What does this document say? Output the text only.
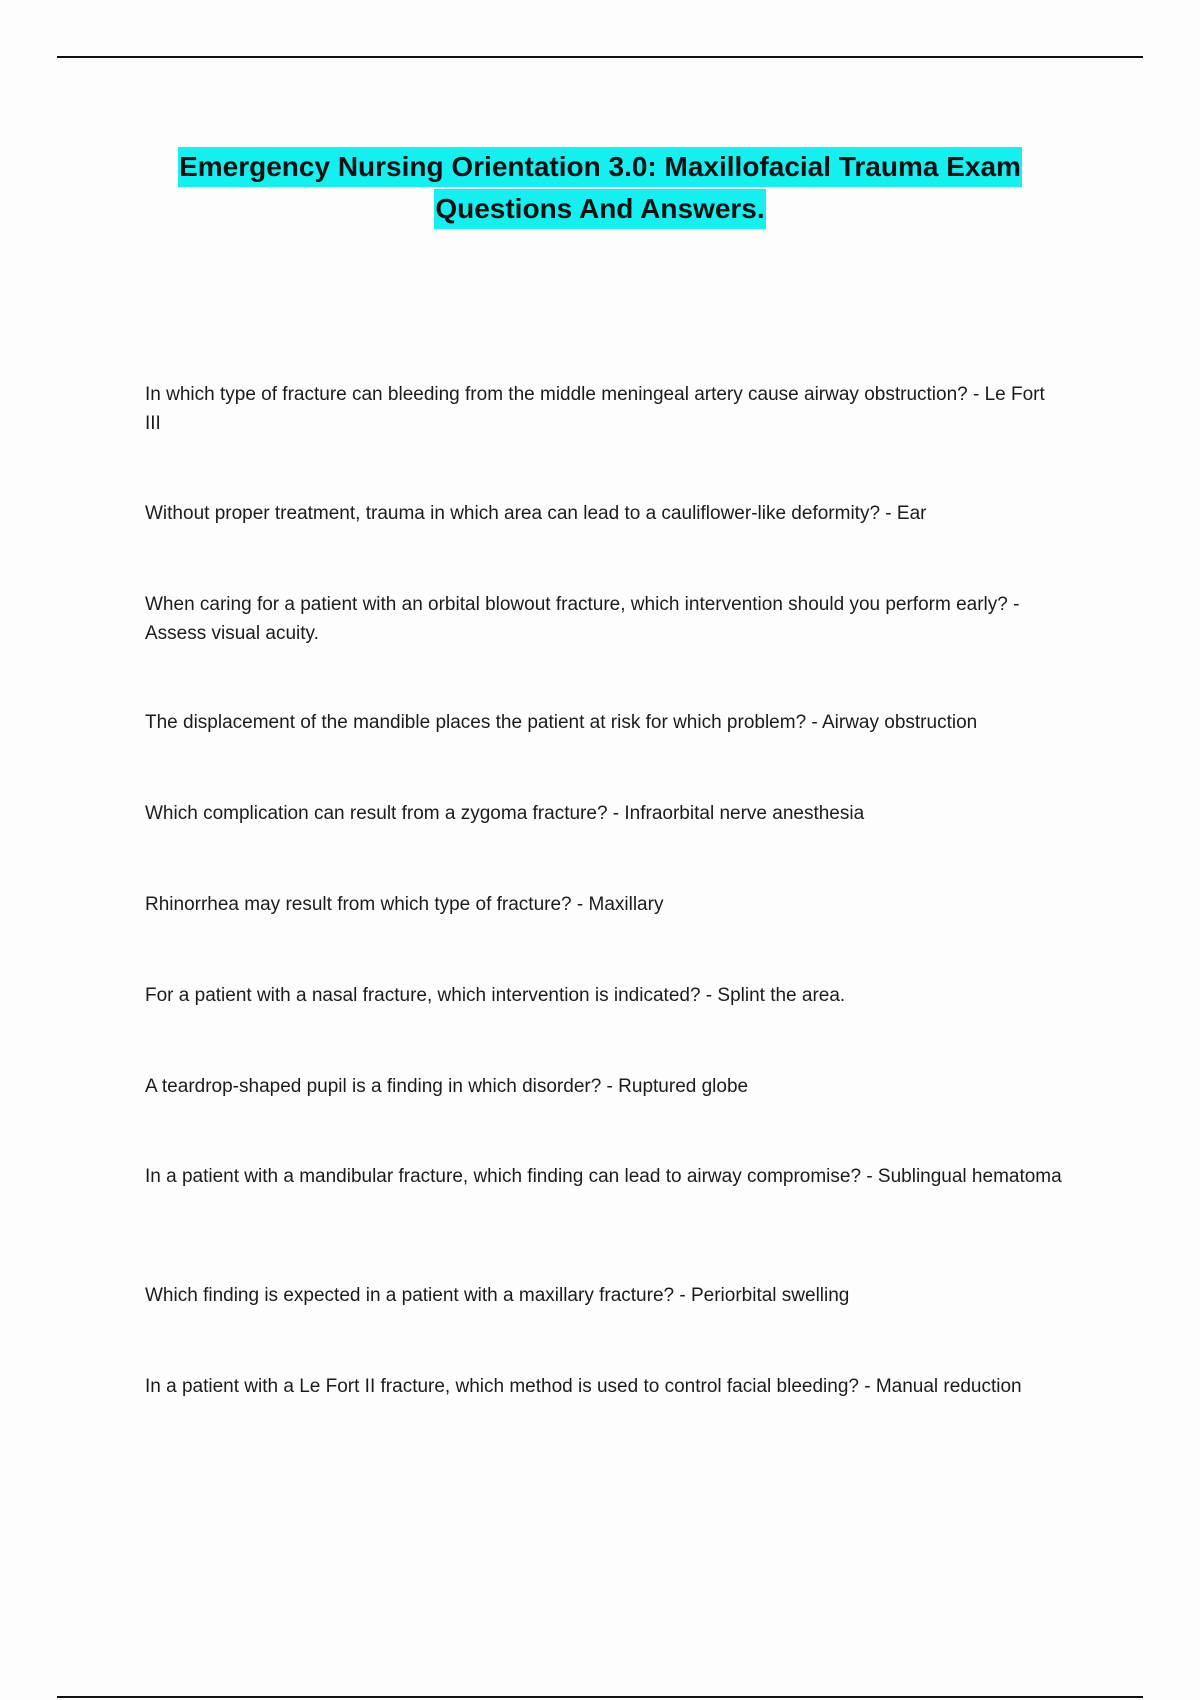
Emergency Nursing Orientation 3.0: Maxillofacial Trauma Exam
Questions And Answers.
In which type of fracture can bleeding from the middle meningeal artery cause airway obstruction? - Le Fort III
Without proper treatment, trauma in which area can lead to a cauliflower-like deformity? - Ear
When caring for a patient with an orbital blowout fracture, which intervention should you perform early? - Assess visual acuity.
The displacement of the mandible places the patient at risk for which problem? - Airway obstruction
Which complication can result from a zygoma fracture? - Infraorbital nerve anesthesia
Rhinorrhea may result from which type of fracture? - Maxillary
For a patient with a nasal fracture, which intervention is indicated? - Splint the area.
A teardrop-shaped pupil is a finding in which disorder? - Ruptured globe
In a patient with a mandibular fracture, which finding can lead to airway compromise? - Sublingual hematoma
Which finding is expected in a patient with a maxillary fracture? - Periorbital swelling
In a patient with a Le Fort II fracture, which method is used to control facial bleeding? - Manual reduction
